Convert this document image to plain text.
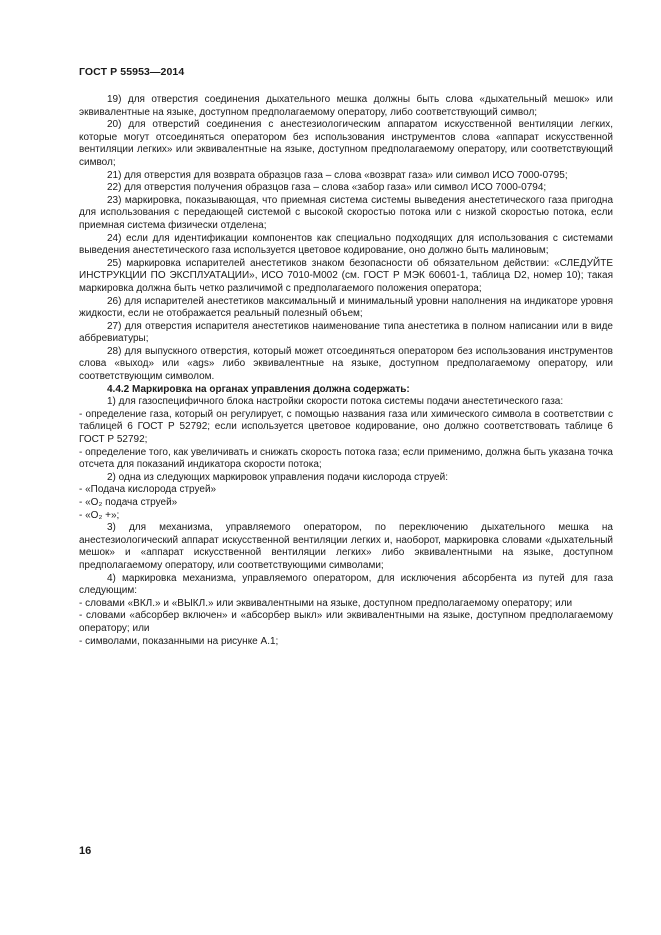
ГОСТ Р 55953—2014

19) для отверстия соединения дыхательного мешка должны быть слова «дыхательный мешок» или эквивалентные на языке, доступном предполагаемому оператору, либо соответствующий символ;

20) для отверстий соединения с анестезиологическим аппаратом искусственной вентиляции легких, которые могут отсоединяться оператором без использования инструментов слова «аппарат искусственной вентиляции легких» или эквивалентные на языке, доступном предполагаемому оператору, или соответствующий символ;

21) для отверстия для возврата образцов газа – слова «возврат газа» или символ ИСО 7000-0795;

22) для отверстия получения образцов газа – слова «забор газа» или символ ИСО 7000-0794;

23) маркировка, показывающая, что приемная система системы выведения анестетического газа пригодна для использования с передающей системой с высокой скоростью потока или с низкой скоростью потока, если приемная система физически отделена;

24) если для идентификации компонентов как специально подходящих для использования с системами выведения анестетического газа используется цветовое кодирование, оно должно быть малиновым;

25) маркировка испарителей анестетиков знаком безопасности об обязательном действии: «СЛЕДУЙТЕ ИНСТРУКЦИИ ПО ЭКСПЛУАТАЦИИ», ИСО 7010-М002 (см. ГОСТ Р МЭК 60601-1, таблица D2, номер 10); такая маркировка должна быть четко различимой с предполагаемого положения оператора;

26) для испарителей анестетиков максимальный и минимальный уровни наполнения на индикаторе уровня жидкости, если не отображается реальный полезный объем;

27) для отверстия испарителя анестетиков наименование типа анестетика в полном написании или в виде аббревиатуры;

28) для выпускного отверстия, который может отсоединяться оператором без использования инструментов слова «выход» или «ags» либо эквивалентные на языке, доступном предполагаемому оператору, или соответствующим символом.

4.4.2 Маркировка на органах управления должна содержать:

1) для газоспецифичного блока настройки скорости потока системы подачи анестетического газа:

- определение газа, который он регулирует, с помощью названия газа или химического символа в соответствии с таблицей 6 ГОСТ Р 52792; если используется цветовое кодирование, оно должно соответствовать таблице 6 ГОСТ Р 52792;

- определение того, как увеличивать и снижать скорость потока газа; если применимо, должна быть указана точка отсчета для показаний индикатора скорости потока;

2) одна из следующих маркировок управления подачи кислорода струей:

- «Подача кислорода струей»

- «O₂ подача струей»

- «O₂ +»;

3) для механизма, управляемого оператором, по переключению дыхательного мешка на анестезиологический аппарат искусственной вентиляции легких и, наоборот, маркировка словами «дыхательный мешок» и «аппарат искусственной вентиляции легких» либо эквивалентными на языке, доступном предполагаемому оператору, или соответствующими символами;

4) маркировка механизма, управляемого оператором, для исключения абсорбента из путей для газа следующим:

- словами «ВКЛ.» и «ВЫКЛ.» или эквивалентными на языке, доступном предполагаемому оператору; или

- словами «абсорбер включен» и «абсорбер выкл» или эквивалентными на языке, доступном предполагаемому оператору; или

- символами, показанными на рисунке А.1;

16
